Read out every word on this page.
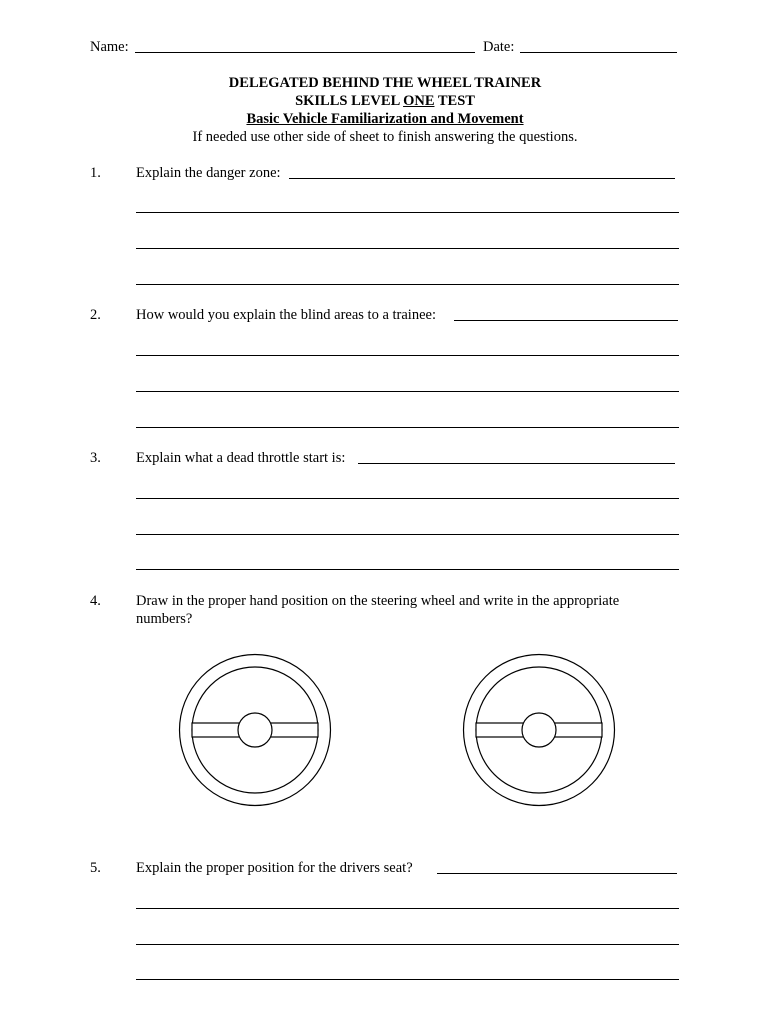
Name:	Date:
DELEGATED BEHIND THE WHEEL TRAINER
SKILLS LEVEL ONE TEST
Basic Vehicle Familiarization and Movement
If needed use other side of sheet to finish answering the questions.
1. Explain the danger zone:
2. How would you explain the blind areas to a trainee:
3. Explain what a dead throttle start is:
4. Draw in the proper hand position on the steering wheel and write in the appropriate
numbers?
5. Explain the proper position for the drivers seat?
